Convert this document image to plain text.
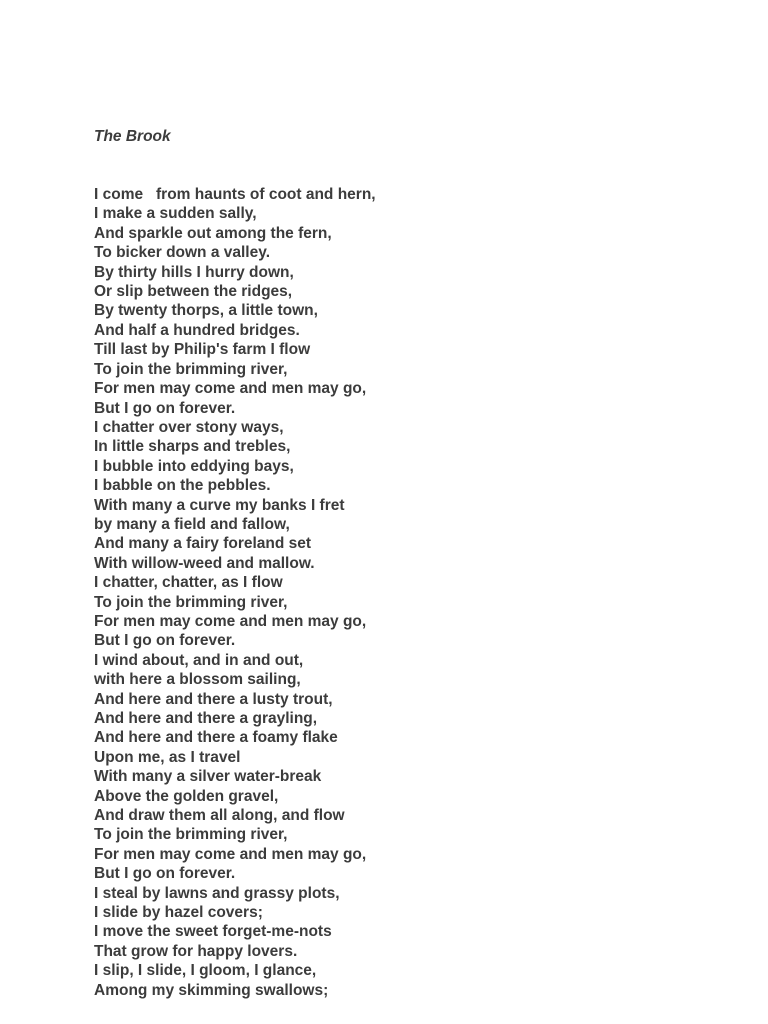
The Brook

I come   from haunts of coot and hern,
I make a sudden sally,
And sparkle out among the fern,
To bicker down a valley.
By thirty hills I hurry down,
Or slip between the ridges,
By twenty thorps, a little town,
And half a hundred bridges.
Till last by Philip's farm I flow
To join the brimming river,
For men may come and men may go,
But I go on forever.
I chatter over stony ways,
In little sharps and trebles,
I bubble into eddying bays,
I babble on the pebbles.
With many a curve my banks I fret
by many a field and fallow,
And many a fairy foreland set
With willow-weed and mallow.
I chatter, chatter, as I flow
To join the brimming river,
For men may come and men may go,
But I go on forever.
I wind about, and in and out,
with here a blossom sailing,
And here and there a lusty trout,
And here and there a grayling,
And here and there a foamy flake
Upon me, as I travel
With many a silver water-break
Above the golden gravel,
And draw them all along, and flow
To join the brimming river,
For men may come and men may go,
But I go on forever.
I steal by lawns and grassy plots,
I slide by hazel covers;
I move the sweet forget-me-nots
That grow for happy lovers.
I slip, I slide, I gloom, I glance,
Among my skimming swallows;
